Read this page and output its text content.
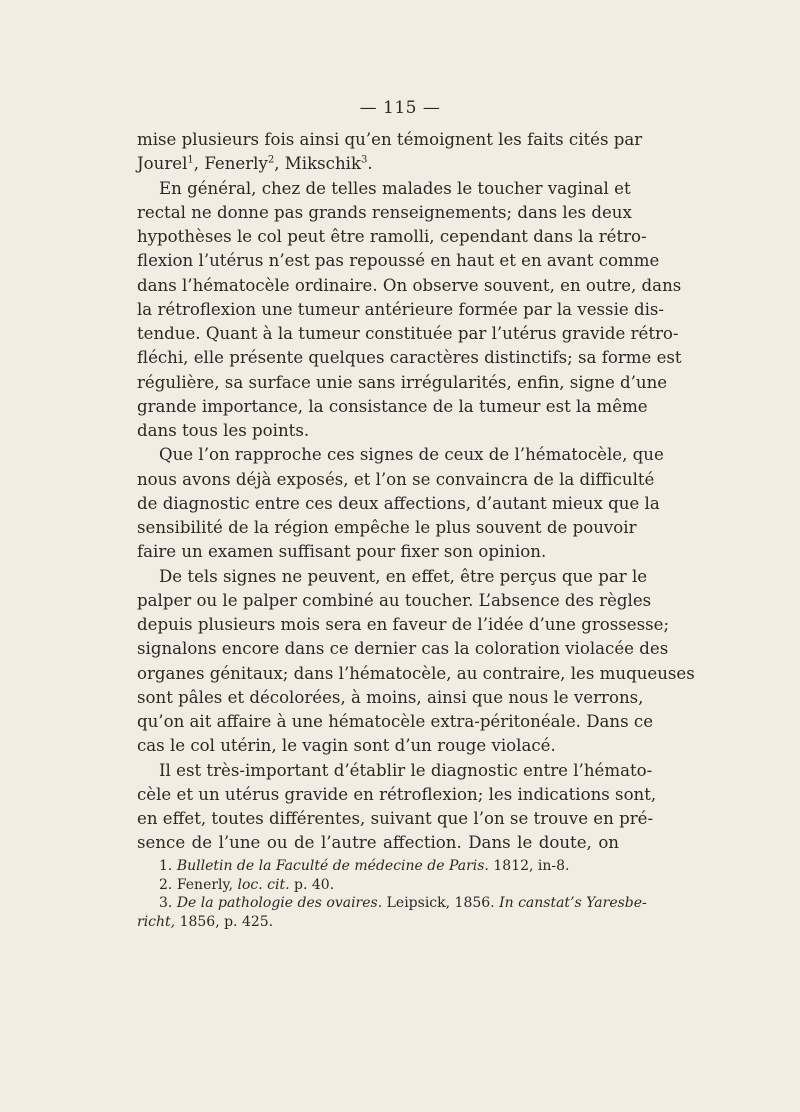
— 115 —
mise plusieurs fois ainsi qu’en témoignent les faits cités par
Jourel$^1$, Fenerly$^2$, Mikschik$^3$.
En général, chez de telles malades le toucher vaginal et
rectal ne donne pas grands renseignements; dans les deux
hypothèses le col peut être ramolli, cependant dans la rétro-
flexion l’utérus n’est pas repoussé en haut et en avant comme
dans l’hématocèle ordinaire. On observe souvent, en outre, dans
la rétroflexion une tumeur antérieure formée par la vessie dis-
tendue. Quant à la tumeur constituée par l’utérus gravide rétro-
fléchi, elle présente quelques caractères distinctifs; sa forme est
régulière, sa surface unie sans irrégularités, enfin, signe d’une
grande importance, la consistance de la tumeur est la même
dans tous les points.
Que l’on rapproche ces signes de ceux de l’hématocèle, que
nous avons déjà exposés, et l’on se convaincra de la difficulté
de diagnostic entre ces deux affections, d’autant mieux que la
sensibilité de la région empêche le plus souvent de pouvoir
faire un examen suffisant pour fixer son opinion.
De tels signes ne peuvent, en effet, être perçus que par le
palper ou le palper combiné au toucher. L’absence des règles
depuis plusieurs mois sera en faveur de l’idée d’une grossesse;
signalons encore dans ce dernier cas la coloration violacée des
organes génitaux; dans l’hématocèle, au contraire, les muqueuses
sont pâles et décolorées, à moins, ainsi que nous le verrons,
qu’on ait affaire à une hématocèle extra-péritonéale. Dans ce
cas le col utérin, le vagin sont d’un rouge violacé.
Il est très-important d’établir le diagnostic entre l’hémato-
cèle et un utérus gravide en rétroflexion; les indications sont,
en effet, toutes différentes, suivant que l’on se trouve en pré-
sence de l’une ou de l’autre affection. Dans le doute, on
1. Bulletin de la Faculté de médecine de Paris. 1812, in-8.
2. Fenerly, loc. cit. p. 40.
3. De la pathologie des ovaires. Leipsick, 1856. In canstat’s Yaresbe-
richt, 1856, p. 425.
